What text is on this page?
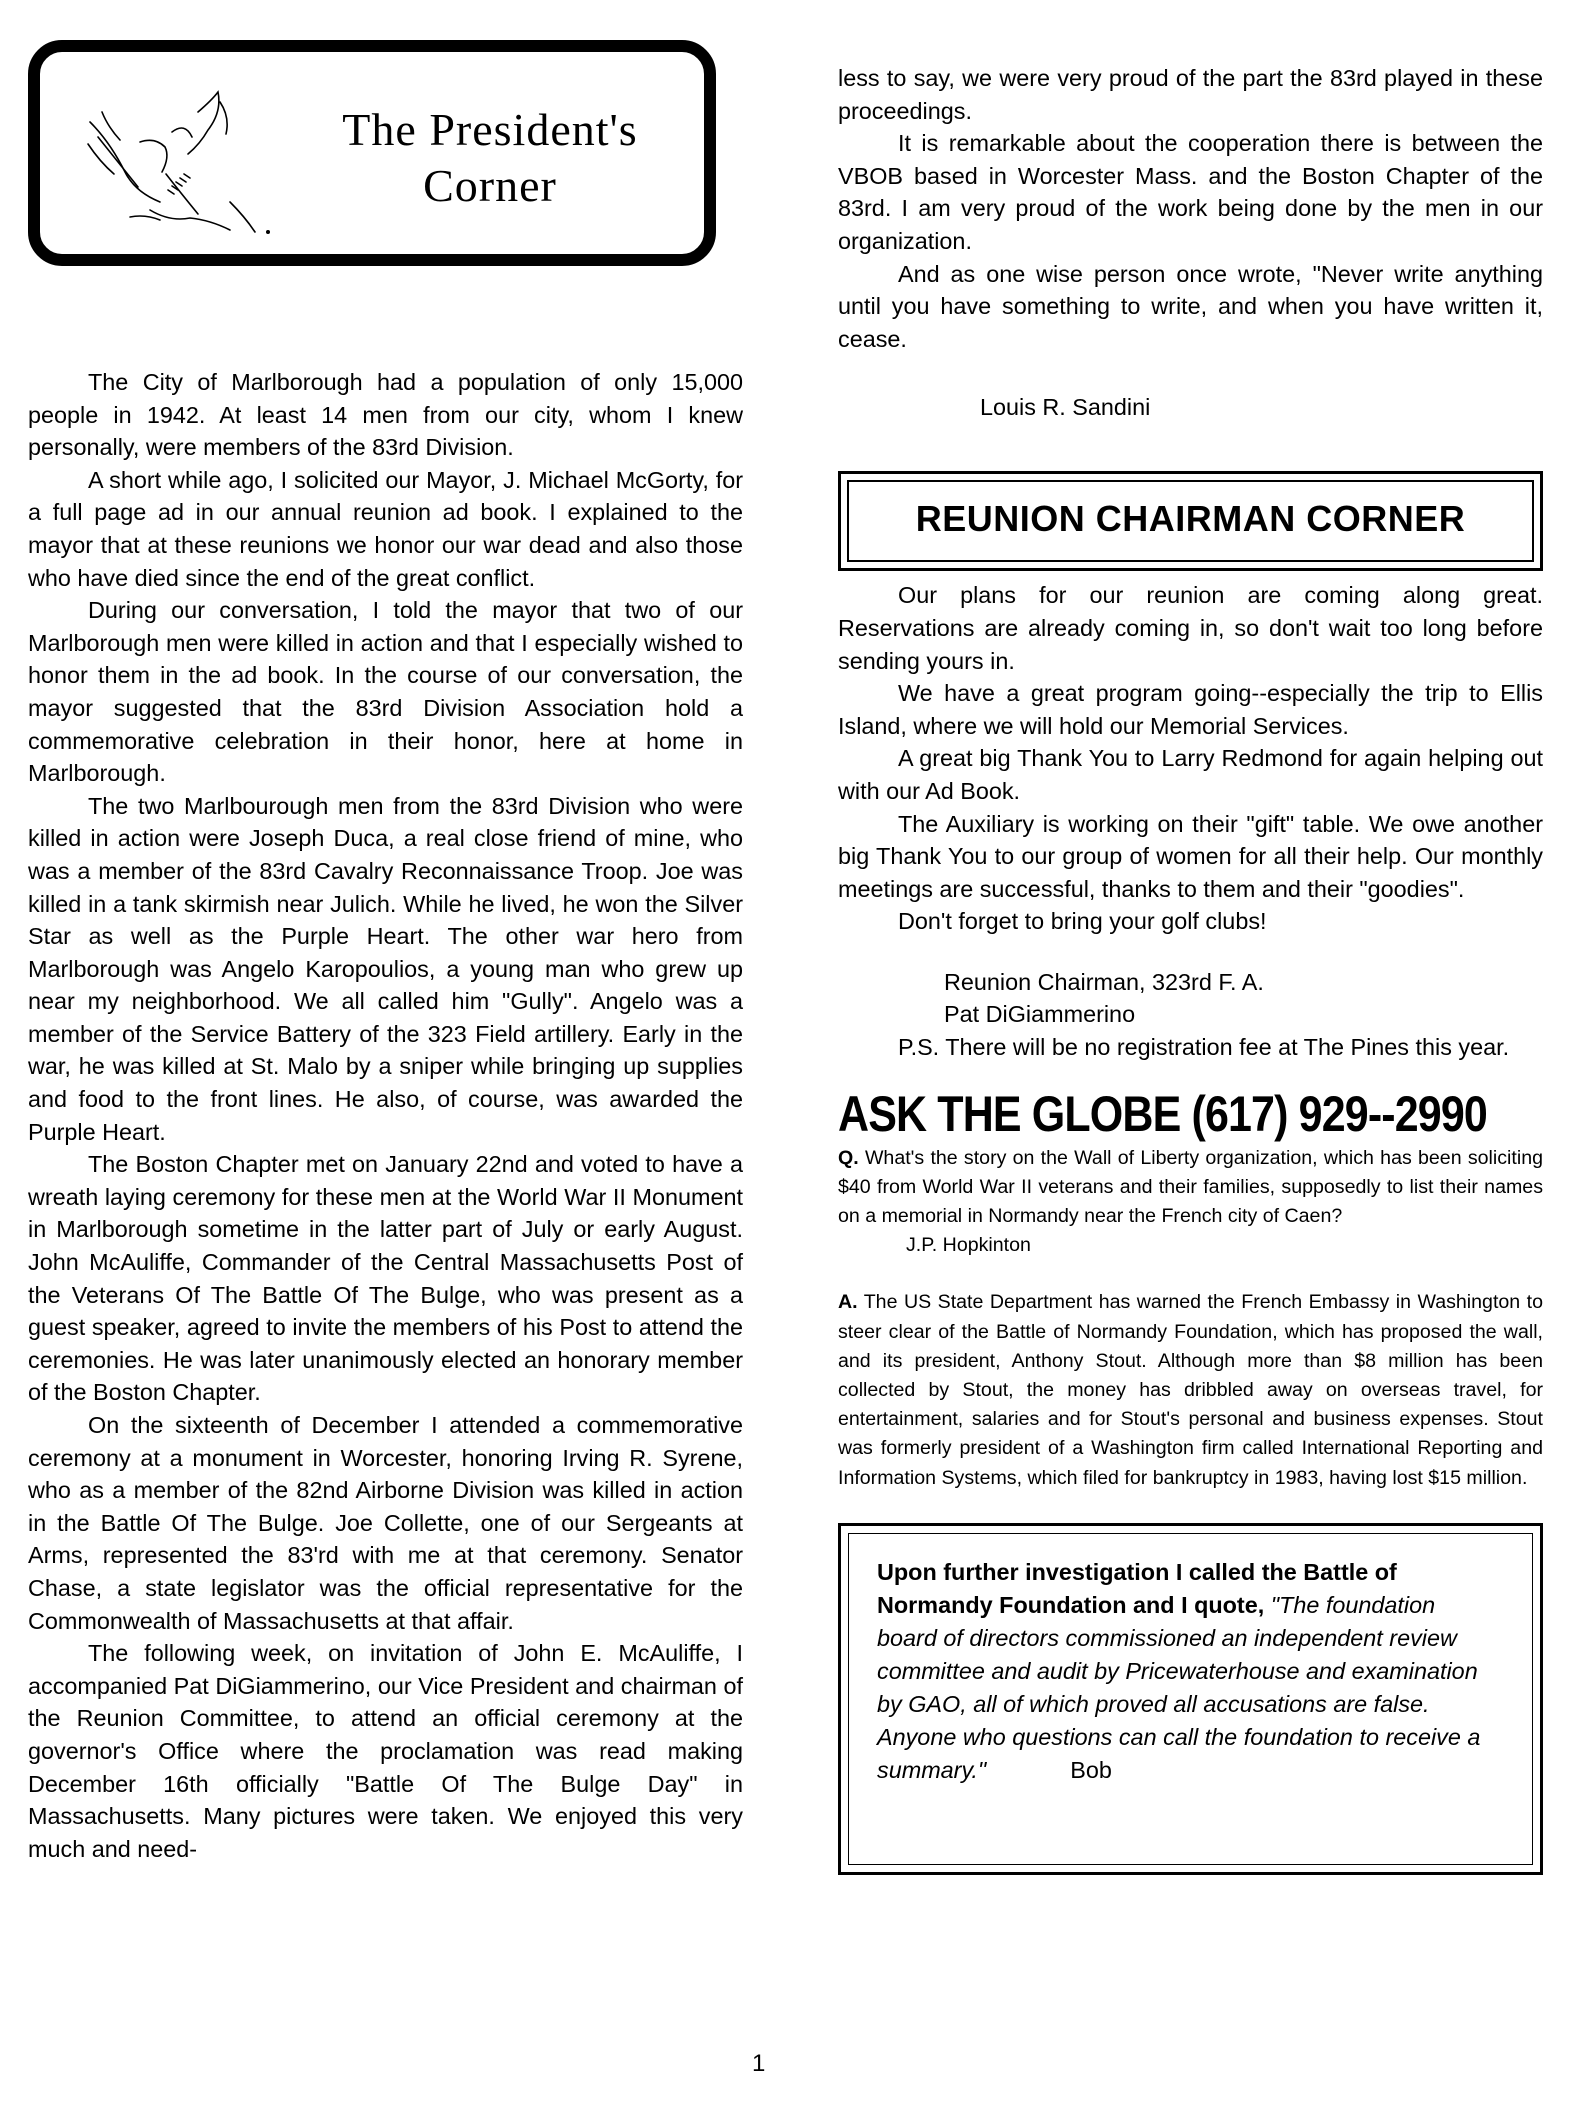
The President's
Corner

The City of Marlborough had a population of only 15,000 people in 1942. At least 14 men from our city, whom I knew personally, were members of the 83rd Division.

A short while ago, I solicited our Mayor, J. Michael McGorty, for a full page ad in our annual reunion ad book. I explained to the mayor that at these reunions we honor our war dead and also those who have died since the end of the great conflict.

During our conversation, I told the mayor that two of our Marlborough men were killed in action and that I especially wished to honor them in the ad book. In the course of our conversation, the mayor suggested that the 83rd Division Association hold a commemorative celebration in their honor, here at home in Marlborough.

The two Marlbourough men from the 83rd Division who were killed in action were Joseph Duca, a real close friend of mine, who was a member of the 83rd Cavalry Reconnaissance Troop. Joe was killed in a tank skirmish near Julich. While he lived, he won the Silver Star as well as the Purple Heart. The other war hero from Marlborough was Angelo Karopoulios, a young man who grew up near my neighborhood. We all called him "Gully". Angelo was a member of the Service Battery of the 323 Field artillery. Early in the war, he was killed at St. Malo by a sniper while bringing up supplies and food to the front lines. He also, of course, was awarded the Purple Heart.

The Boston Chapter met on January 22nd and voted to have a wreath laying ceremony for these men at the World War II Monument in Marlborough sometime in the latter part of July or early August. John McAuliffe, Commander of the Central Massachusetts Post of the Veterans Of The Battle Of The Bulge, who was present as a guest speaker, agreed to invite the members of his Post to attend the ceremonies. He was later unanimously elected an honorary member of the Boston Chapter.

On the sixteenth of December I attended a commemorative ceremony at a monument in Worcester, honoring Irving R. Syrene, who as a member of the 82nd Airborne Division was killed in action in the Battle Of The Bulge. Joe Collette, one of our Sergeants at Arms, represented the 83'rd with me at that ceremony. Senator Chase, a state legislator was the official representative for the Commonwealth of Massachusetts at that affair.

The following week, on invitation of John E. McAuliffe, I accompanied Pat DiGiammerino, our Vice President and chairman of the Reunion Committee, to attend an official ceremony at the governor's Office where the proclamation was read making December 16th officially "Battle Of The Bulge Day" in Massachusetts. Many pictures were taken. We enjoyed this very much and need-

less to say, we were very proud of the part the 83rd played in these proceedings.

It is remarkable about the cooperation there is between the VBOB based in Worcester Mass. and the Boston Chapter of the 83rd. I am very proud of the work being done by the men in our organization.

And as one wise person once wrote, "Never write anything until you have something to write, and when you have written it, cease.

Louis R. Sandini
REUNION CHAIRMAN CORNER

Our plans for our reunion are coming along great. Reservations are already coming in, so don't wait too long before sending yours in.

We have a great program going--especially the trip to Ellis Island, where we will hold our Memorial Services.

A great big Thank You to Larry Redmond for again helping out with our Ad Book.

The Auxiliary is working on their "gift" table. We owe another big Thank You to our group of women for all their help. Our monthly meetings are successful, thanks to them and their "goodies".

Don't forget to bring your golf clubs!

Reunion Chairman, 323rd F. A.
Pat DiGiammerino

P.S. There will be no registration fee at The Pines this year.

ASK THE GLOBE (617) 929--2990

Q. What's the story on the Wall of Liberty organization, which has been soliciting $40 from World War II veterans and their families, supposedly to list their names on a memorial in Normandy near the French city of Caen?

J.P. Hopkinton

A. The US State Department has warned the French Embassy in Washington to steer clear of the Battle of Normandy Foundation, which has proposed the wall, and its president, Anthony Stout. Although more than $8 million has been collected by Stout, the money has dribbled away on overseas travel, for entertainment, salaries and for Stout's personal and business expenses. Stout was formerly president of a Washington firm called International Reporting and Information Systems, which filed for bankruptcy in 1983, having lost $15 million.

Upon further investigation I called the Battle of Normandy Foundation and I quote, "The foundation board of directors commissioned an independent review committee and audit by Pricewaterhouse and examination by GAO, all of which proved all accusations are false. Anyone who questions can call the foundation to receive a summary."	Bob
1
